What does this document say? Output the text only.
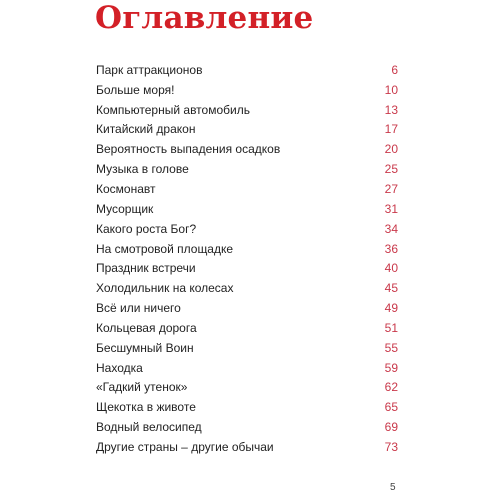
Оглавление
Парк аттракционов	6
Больше моря!	10
Компьютерный автомобиль	13
Китайский дракон	17
Вероятность выпадения осадков	20
Музыка в голове	25
Космонавт	27
Мусорщик	31
Какого роста Бог?	34
На смотровой площадке	36
Праздник встречи	40
Холодильник на колесах	45
Всё или ничего	49
Кольцевая дорога	51
Бесшумный Воин	55
Находка	59
«Гадкий утенок»	62
Щекотка в животе	65
Водный велосипед	69
Другие страны – другие обычаи	73
5
